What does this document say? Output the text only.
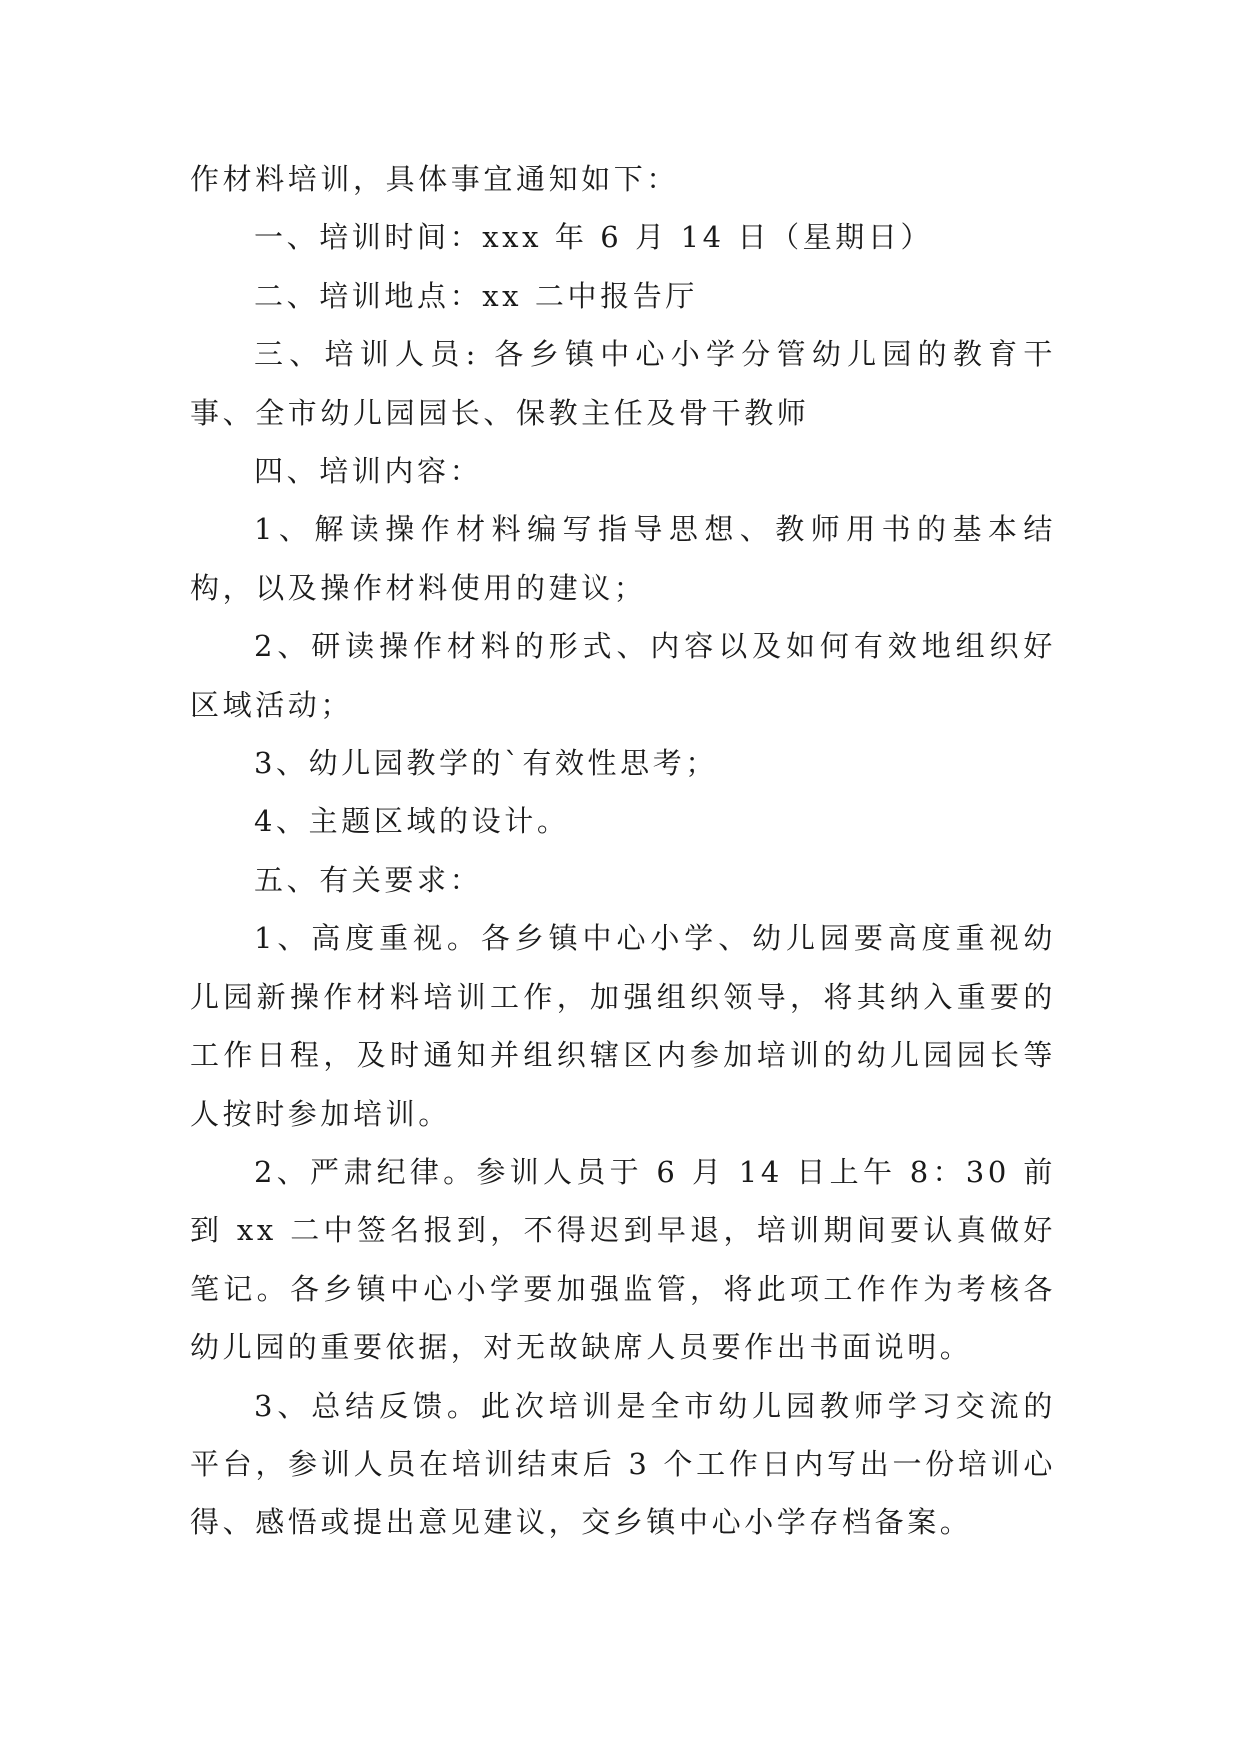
作材料培训，具体事宜通知如下：

一、培训时间：xxx 年 6 月 14 日（星期日）

二、培训地点：xx 二中报告厅

三、培训人员: 各乡镇中心小学分管幼儿园的教育干事、全市幼儿园园长、保教主任及骨干教师

四、培训内容：

1、解读操作材料编写指导思想、教师用书的基本结构，以及操作材料使用的建议；

2、研读操作材料的形式、内容以及如何有效地组织好区域活动；

3、幼儿园教学的`有效性思考；

4、主题区域的设计。

五、有关要求：

1、高度重视。各乡镇中心小学、幼儿园要高度重视幼儿园新操作材料培训工作，加强组织领导，将其纳入重要的工作日程，及时通知并组织辖区内参加培训的幼儿园园长等人按时参加培训。

2、严肃纪律。参训人员于 6 月 14 日上午 8：30 前到 xx 二中签名报到，不得迟到早退，培训期间要认真做好笔记。各乡镇中心小学要加强监管，将此项工作作为考核各幼儿园的重要依据，对无故缺席人员要作出书面说明。

3、总结反馈。此次培训是全市幼儿园教师学习交流的平台，参训人员在培训结束后 3 个工作日内写出一份培训心得、感悟或提出意见建议，交乡镇中心小学存档备案。
